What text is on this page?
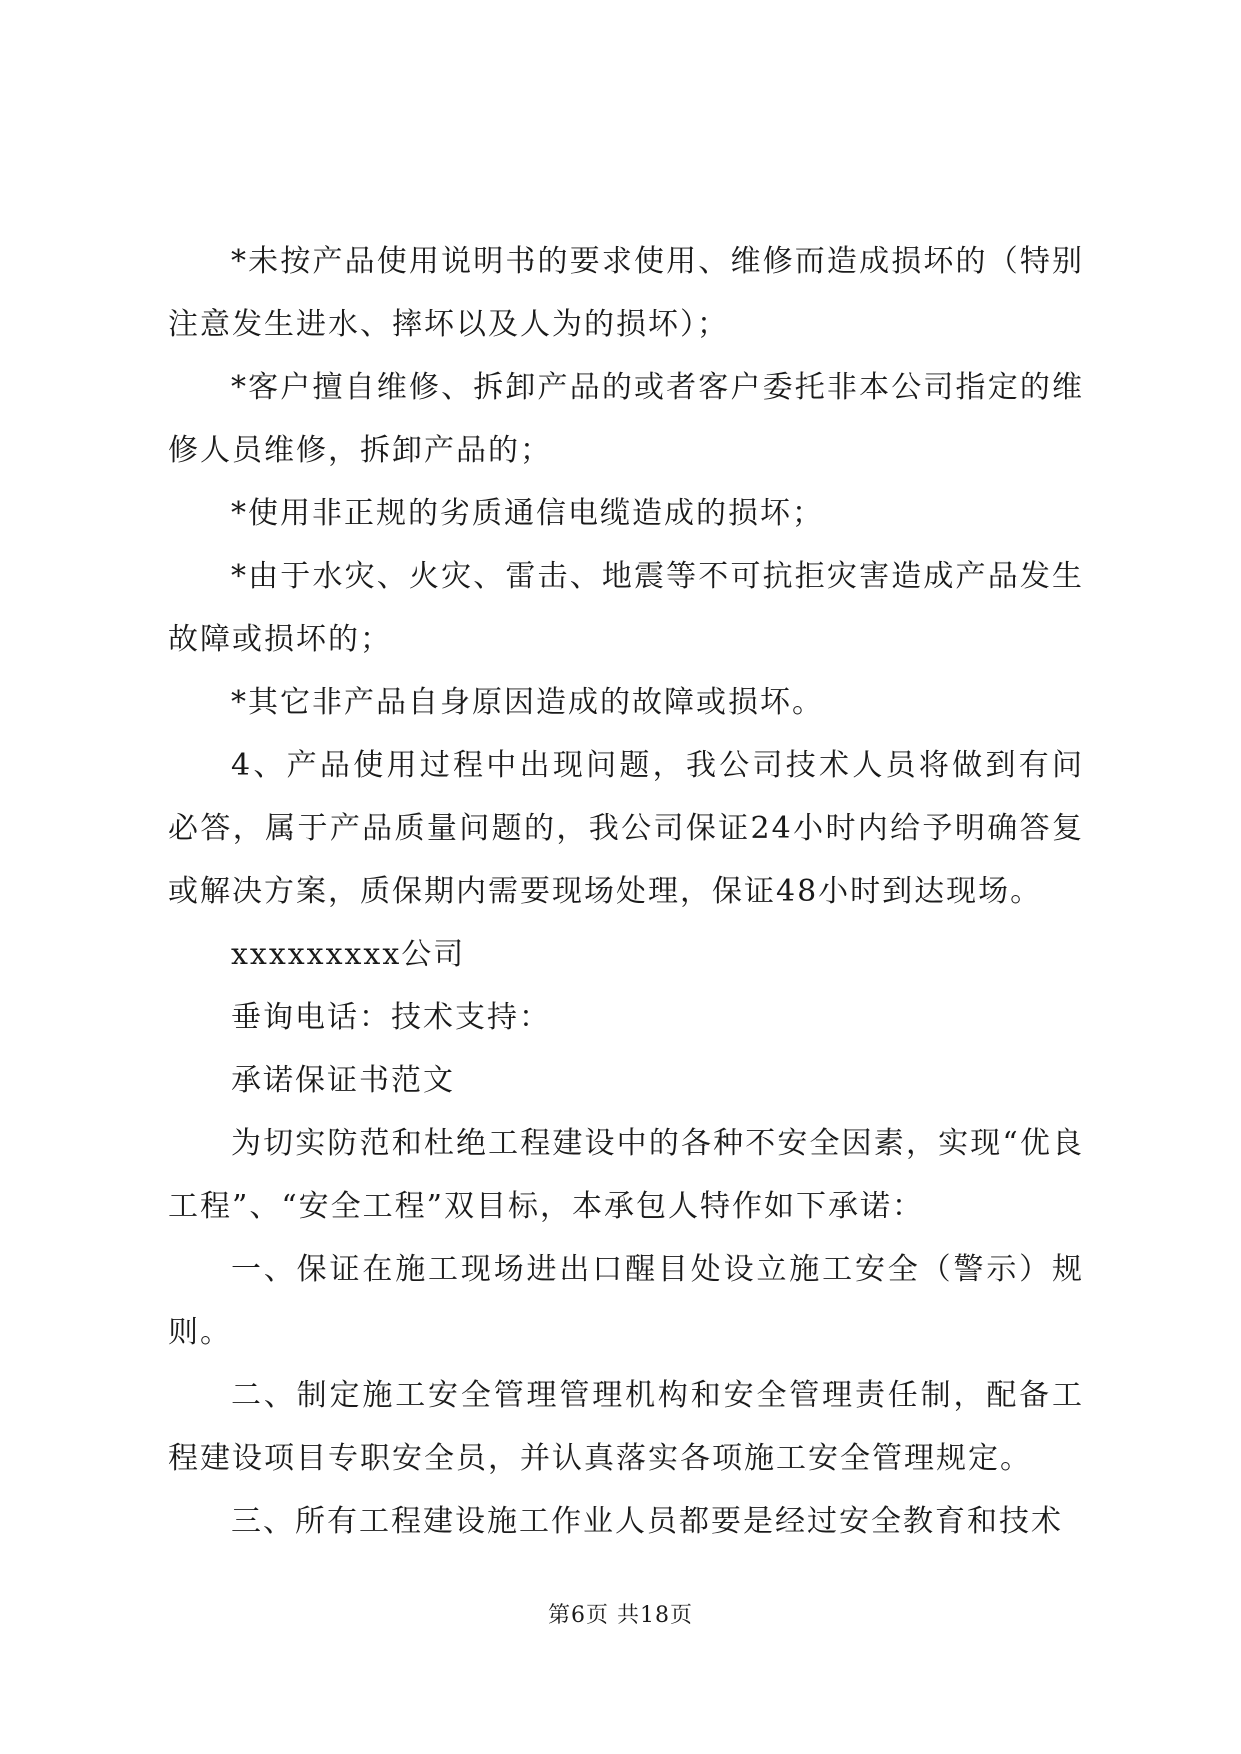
*未按产品使用说明书的要求使用、维修而造成损坏的（特别注意发生进水、摔坏以及人为的损坏）；

*客户擅自维修、拆卸产品的或者客户委托非本公司指定的维修人员维修，拆卸产品的；

*使用非正规的劣质通信电缆造成的损坏；

*由于水灾、火灾、雷击、地震等不可抗拒灾害造成产品发生故障或损坏的；

*其它非产品自身原因造成的故障或损坏。

4、产品使用过程中出现问题，我公司技术人员将做到有问必答，属于产品质量问题的，我公司保证24小时内给予明确答复或解决方案，质保期内需要现场处理，保证48小时到达现场。

xxxxxxxxx公司

垂询电话：技术支持：

承诺保证书范文

为切实防范和杜绝工程建设中的各种不安全因素，实现“优良工程”、“安全工程”双目标，本承包人特作如下承诺：

一、保证在施工现场进出口醒目处设立施工安全（警示）规则。

二、制定施工安全管理管理机构和安全管理责任制，配备工程建设项目专职安全员，并认真落实各项施工安全管理规定。

三、所有工程建设施工作业人员都要是经过安全教育和技术

第6页 共18页
